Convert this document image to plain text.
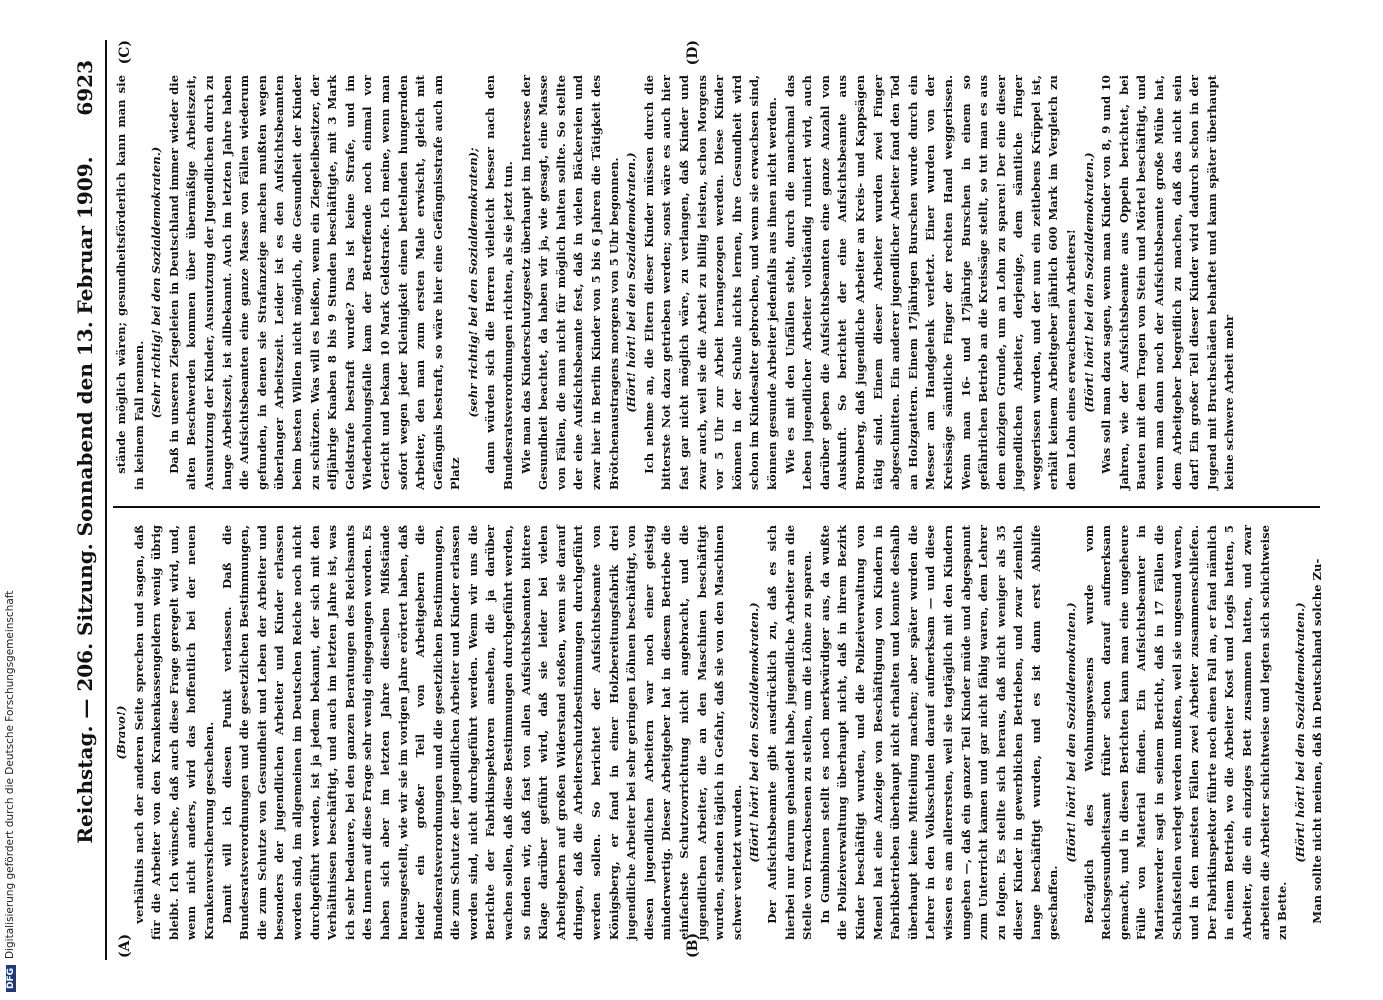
DFGDigitalisierung gefördert durch die Deutsche Forschungsgemeinschaft	Reichstag. — 206. Sitzung. Sonnabend den 13. Februar 1909.
6923
(A)	(B)
(C)	(D)

(Bravo!) verhältnis nach der anderen Seite sprechen und sagen, daß für die Arbeiter von den Krankenkassengeldern wenig übrig bleibt. Ich wünsche, daß auch diese Frage geregelt wird, und, wenn nicht anders, wird das hoffentlich bei der neuen Krankenversicherung geschehen. Damit will ich diesen Punkt verlassen. Daß die Bundesratsverordnungen und die gesetzlichen Bestimmungen, die zum Schutze von Gesundheit und Leben der Arbeiter und besonders der jugendlichen Arbeiter und Kinder erlassen worden sind, im allgemeinen im Deutschen Reiche noch nicht durchgeführt werden, ist ja jedem bekannt, der sich mit den Verhältnissen beschäftigt, und auch im letzten Jahre ist, was ich sehr bedauere, bei den ganzen Beratungen des Reichsamts des Innern auf diese Frage sehr wenig eingegangen worden. Es haben sich aber im letzten Jahre dieselben Mißstände herausgestellt, wie wir sie im vorigen Jahre erörtert haben, daß leider ein großer Teil von Arbeitgebern die Bundesratsverordnungen und die gesetzlichen Bestimmungen, die zum Schutze der jugendlichen Arbeiter und Kinder erlassen worden sind, nicht durchgeführt werden. Wenn wir uns die Berichte der Fabrikinspektoren ansehen, die ja darüber wachen sollen, daß diese Bestimmungen durchgeführt werden, so finden wir, daß fast von allen Aufsichtsbeamten bittere Klage darüber geführt wird, daß sie leider bei vielen Arbeitgebern auf großen Widerstand stoßen, wenn sie darauf dringen, daß die Arbeiterschutzbestimmungen durchgeführt werden sollen. So berichtet der Aufsichtsbeamte von Königsberg, er fand in einer Holzbereitungsfabrik drei jugendliche Arbeiter bei sehr geringen Löhnen beschäftigt, von diesen jugendlichen Arbeitern war noch einer geistig minderwertig. Dieser Arbeitgeber hat in diesem Betriebe die einfachste Schutzvorrichtung nicht angebracht, und die jugendlichen Arbeiter, die an den Maschinen beschäftigt wurden, standen täglich in Gefahr, daß sie von den Maschinen schwer verletzt wurden. (Hört! hört! bei den Sozialdemokraten.) Der Aufsichtsbeamte gibt ausdrücklich zu, daß es sich hierbei nur darum gehandelt habe, jugendliche Arbeiter an die Stelle von Erwachsenen zu stellen, um die Löhne zu sparen. In Gumbinnen stellt es noch merkwürdiger aus, da wußte die Polizeiverwaltung überhaupt nicht, daß in ihrem Bezirk Kinder beschäftigt wurden, und die Polizeiverwaltung von Memel hat eine Anzeige von Beschäftigung von Kindern in Fabrikbetrieben überhaupt nicht erhalten und konnte deshalb überhaupt keine Mitteilung machen; aber später wurden die Lehrer in den Volksschulen darauf aufmerksam — und diese wissen es am allerersten, weil sie tagtäglich mit den Kindern umgehen —, daß ein ganzer Teil Kinder müde und abgespannt zum Unterricht kamen und gar nicht fähig waren, dem Lehrer zu folgen. Es stellte sich heraus, daß nicht weniger als 35 dieser Kinder in gewerblichen Betrieben, und zwar ziemlich lange beschäftigt wurden, und es ist dann erst Abhilfe geschaffen.

(Hört! hört! bei den Sozialdemokraten.) Bezüglich des Wohnungswesens wurde vom Reichsgesundheitsamt früher schon darauf aufmerksam gemacht, und in diesen Berichten kann man eine ungeheure Fülle von Material finden. Ein Aufsichtsbeamter in Marienwerder sagt in seinem Bericht, daß in 17 Fällen die Schlafstellen verlegt werden mußten, weil sie ungesund waren, und in den meisten Fällen zwei Arbeiter zusammenschliefen. Der Fabrikinspektor führte noch einen Fall an, er fand nämlich in einem Betrieb, wo die Arbeiter Kost und Logis hatten, 5 Arbeiter, die ein einziges Bett zusammen hatten, und zwar arbeiten die Arbeiter schichtweise und legten sich schichtweise zu Bette.

(Hört! hört! bei den Sozialdemokraten.) Man sollte nicht meinen, daß in Deutschland solche Zu-

stände möglich wären; gesundheitsförderlich kann man sie in keinem Fall nennen. (Sehr richtig! bei den Sozialdemokraten.) Daß in unseren Ziegeleien in Deutschland immer wieder die alten Beschwerden kommen über übermäßige Arbeitszeit, Ausnutzung der Kinder, Ausnutzung der Jugendlichen durch zu lange Arbeitszeit, ist allbekannt. Auch im letzten Jahre haben die Aufsichtsbeamten eine ganze Masse von Fällen wiederum gefunden, in denen sie Strafanzeige machen mußten wegen überlanger Arbeitszeit. Leider ist es den Aufsichtsbeamten beim besten Willen nicht möglich, die Gesundheit der Kinder zu schützen. Was will es heißen, wenn ein Ziegeleibesitzer, der elfjährige Knaben 8 bis 9 Stunden beschäftigte, mit 3 Mark Geldstrafe bestraft wurde? Das ist keine Strafe, und im Wiederholungsfalle kam der Betreffende noch einmal vor Gericht und bekam 10 Mark Geldstrafe. Ich meine, wenn man sofort wegen jeder Kleinigkeit einen bettelnden hungernden Arbeiter, den man zum ersten Male erwischt, gleich mit Gefängnis bestraft, so wäre hier eine Gefängnisstrafe auch am Platz

(sehr richtig! bei den Sozialdemokraten); dann würden sich die Herren vielleicht besser nach den Bundesratsverordnungen richten, als sie jetzt tun. Wie man das Kinderschutzgesetz überhaupt im Interesse der Gesundheit beachtet, da haben wir ja, wie gesagt, eine Masse von Fällen, die man nicht für möglich halten sollte. So stellte der eine Aufsichtsbeamte fest, daß in vielen Bäckereien und zwar hier in Berlin Kinder von 5 bis 6 Jahren die Tätigkeit des Brötchenaustragens morgens von 5 Uhr begonnen. (Hört! hört! bei den Sozialdemokraten.) Ich nehme an, die Eltern dieser Kinder müssen durch die bitterste Not dazu getrieben werden; sonst wäre es auch hier fast gar nicht möglich wäre, zu verlangen, daß Kinder und zwar auch, weil sie die Arbeit zu billig leisten, schon Morgens vor 5 Uhr zur Arbeit herangezogen werden. Diese Kinder können in der Schule nichts lernen, ihre Gesundheit wird schon im Kindesalter gebrochen, und wenn sie erwachsen sind, können gesunde Arbeiter jedenfalls aus ihnen nicht werden. Wie es mit den Unfällen steht, durch die manchmal das Leben jugendlicher Arbeiter vollständig ruiniert wird, auch darüber geben die Aufsichtsbeamten eine ganze Anzahl von Auskunft. So berichtet der eine Aufsichtsbeamte aus Bromberg, daß jugendliche Arbeiter an Kreis- und Kappsägen tätig sind. Einem dieser Arbeiter wurden zwei Finger abgeschnitten. Ein anderer jugendlicher Arbeiter fand den Tod an Holzgattern. Einem 17jährigen Burschen wurde durch ein Messer am Handgelenk verletzt. Einer wurden von der Kreissäge sämtliche Finger der rechten Hand weggerissen. Wenn man 16- und 17jährige Burschen in einem so gefährlichen Betrieb an die Kreissäge stellt, so tut man es aus dem einzigen Grunde, um an Lohn zu sparen! Der eine dieser jugendlichen Arbeiter, derjenige, dem sämtliche Finger weggerissen wurden, und der nun ein zeitlebens Krüppel ist, erhält keinem Arbeitgeber jährlich 600 Mark im Vergleich zu dem Lohn eines erwachsenen Arbeiters! (Hört! hört! bei den Sozialdemokraten.) Was soll man dazu sagen, wenn man Kinder von 8, 9 und 10 Jahren, wie der Aufsichtsbeamte aus Oppeln berichtet, bei Bauten mit dem Tragen von Stein und Mörtel beschäftigt, und wenn man dann noch der Aufsichtsbeamte große Mühe hat, dem Arbeitgeber begreiflich zu machen, daß das nicht sein darf! Ein großer Teil dieser Kinder wird dadurch schon in der Jugend mit Bruchschäden behaftet und kann später überhaupt keine schwere Arbeit mehr
